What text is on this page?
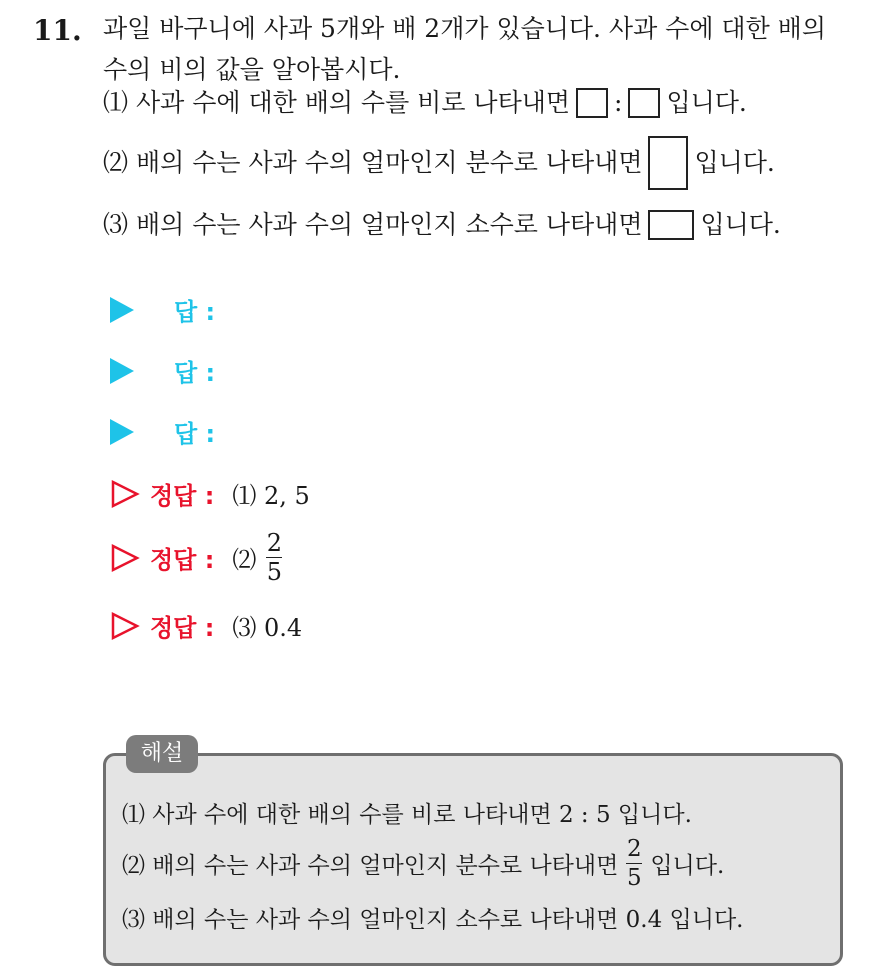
11. 과일 바구니에 사과 5개와 배 2개가 있습니다. 사과 수에 대한 배의
수의 비의 값을 알아봅시다.
⑴ 사과 수에 대한 배의 수를 비로 나타내면 : 입니다.
⑵ 배의 수는 사과 수의 얼마인지 분수로 나타내면 입니다.
⑶ 배의 수는 사과 수의 얼마인지 소수로 나타내면 입니다.
답 :
답 :
답 :
정답 : ⑴ 2, 5
정답 : ⑵ $\frac{2}{5}$
정답 : ⑶ 0.4
⑴ 사과 수에 대한 배의 수를 비로 나타내면 2 : 5 입니다.
⑵ 배의 수는 사과 수의 얼마인지 분수로 나타내면 $\frac{2}{5}$ 입니다.
⑶ 배의 수는 사과 수의 얼마인지 소수로 나타내면 0.4 입니다.
해설
